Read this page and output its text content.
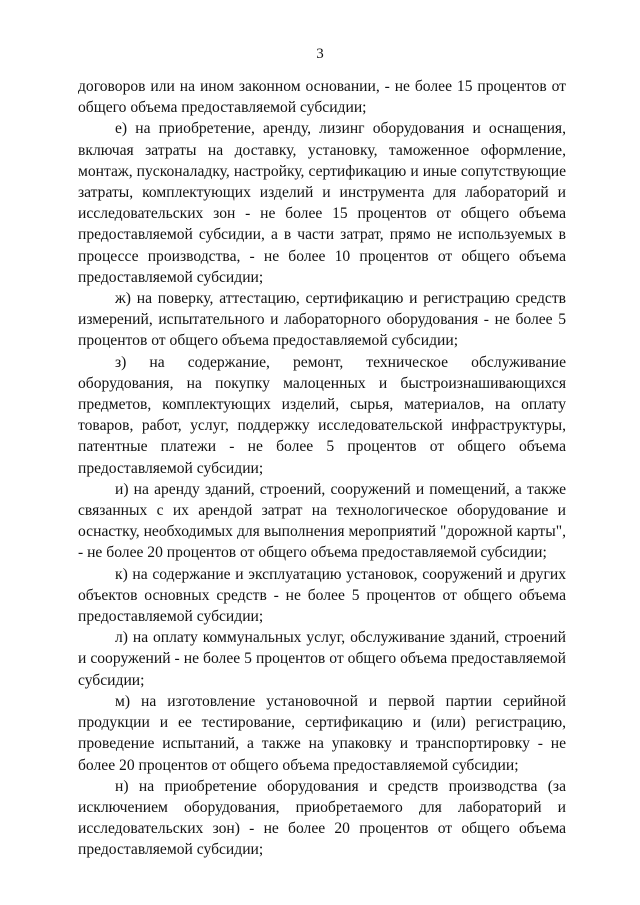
3

договоров или на ином законном основании, - не более 15 процентов от общего объема предоставляемой субсидии;

е) на приобретение, аренду, лизинг оборудования и оснащения, включая затраты на доставку, установку, таможенное оформление, монтаж, пусконаладку, настройку, сертификацию и иные сопутствующие затраты, комплектующих изделий и инструмента для лабораторий и исследовательских зон - не более 15 процентов от общего объема предоставляемой субсидии, а в части затрат, прямо не используемых в процессе производства, - не более 10 процентов от общего объема предоставляемой субсидии;

ж) на поверку, аттестацию, сертификацию и регистрацию средств измерений, испытательного и лабораторного оборудования - не более 5 процентов от общего объема предоставляемой субсидии;

з) на содержание, ремонт, техническое обслуживание оборудования, на покупку малоценных и быстроизнашивающихся предметов, комплектующих изделий, сырья, материалов, на оплату товаров, работ, услуг, поддержку исследовательской инфраструктуры, патентные платежи - не более 5 процентов от общего объема предоставляемой субсидии;

и) на аренду зданий, строений, сооружений и помещений, а также связанных с их арендой затрат на технологическое оборудование и оснастку, необходимых для выполнения мероприятий "дорожной карты", - не более 20 процентов от общего объема предоставляемой субсидии;

к) на содержание и эксплуатацию установок, сооружений и других объектов основных средств - не более 5 процентов от общего объема предоставляемой субсидии;

л) на оплату коммунальных услуг, обслуживание зданий, строений и сооружений - не более 5 процентов от общего объема предоставляемой субсидии;

м) на изготовление установочной и первой партии серийной продукции и ее тестирование, сертификацию и (или) регистрацию, проведение испытаний, а также на упаковку и транспортировку - не более 20 процентов от общего объема предоставляемой субсидии;

н) на приобретение оборудования и средств производства (за исключением оборудования, приобретаемого для лабораторий и исследовательских зон) - не более 20 процентов от общего объема предоставляемой субсидии;
